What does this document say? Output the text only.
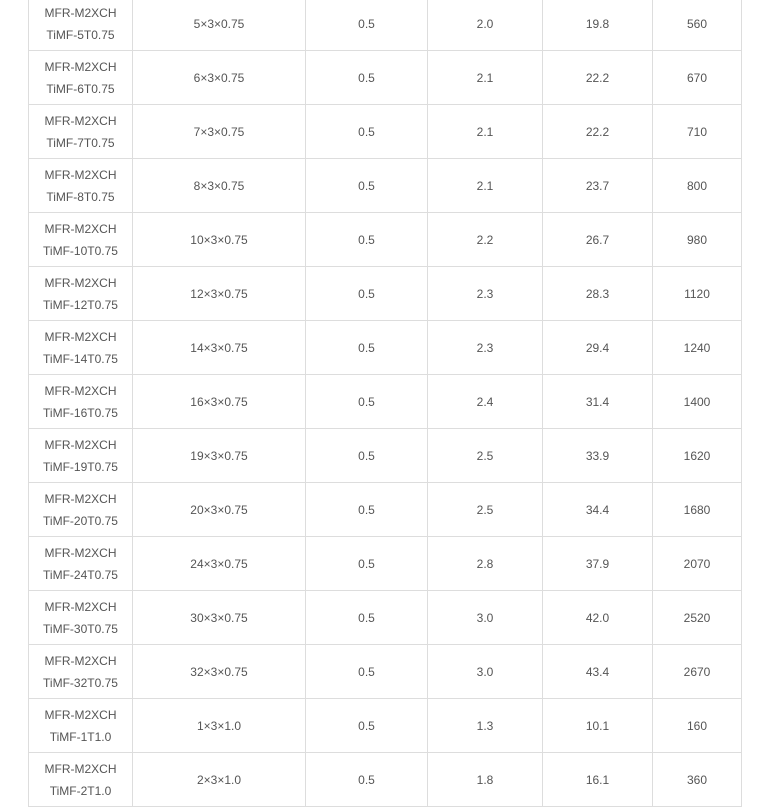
MFR-M2XCH
TiMF-5T0.75	5×3×0.75	0.5	2.0	19.8	560

MFR-M2XCH
TiMF-6T0.75	6×3×0.75	0.5	2.1	22.2	670

MFR-M2XCH
TiMF-7T0.75	7×3×0.75	0.5	2.1	22.2	710

MFR-M2XCH
TiMF-8T0.75	8×3×0.75	0.5	2.1	23.7	800

MFR-M2XCH
TiMF-10T0.75	10×3×0.75	0.5	2.2	26.7	980

MFR-M2XCH
TiMF-12T0.75	12×3×0.75	0.5	2.3	28.3	1120

MFR-M2XCH
TiMF-14T0.75	14×3×0.75	0.5	2.3	29.4	1240

MFR-M2XCH
TiMF-16T0.75	16×3×0.75	0.5	2.4	31.4	1400

MFR-M2XCH
TiMF-19T0.75	19×3×0.75	0.5	2.5	33.9	1620

MFR-M2XCH
TiMF-20T0.75	20×3×0.75	0.5	2.5	34.4	1680

MFR-M2XCH
TiMF-24T0.75	24×3×0.75	0.5	2.8	37.9	2070

MFR-M2XCH
TiMF-30T0.75	30×3×0.75	0.5	3.0	42.0	2520

MFR-M2XCH
TiMF-32T0.75	32×3×0.75	0.5	3.0	43.4	2670

MFR-M2XCH
TiMF-1T1.0	1×3×1.0	0.5	1.3	10.1	160

MFR-M2XCH
TiMF-2T1.0	2×3×1.0	0.5	1.8	16.1	360
